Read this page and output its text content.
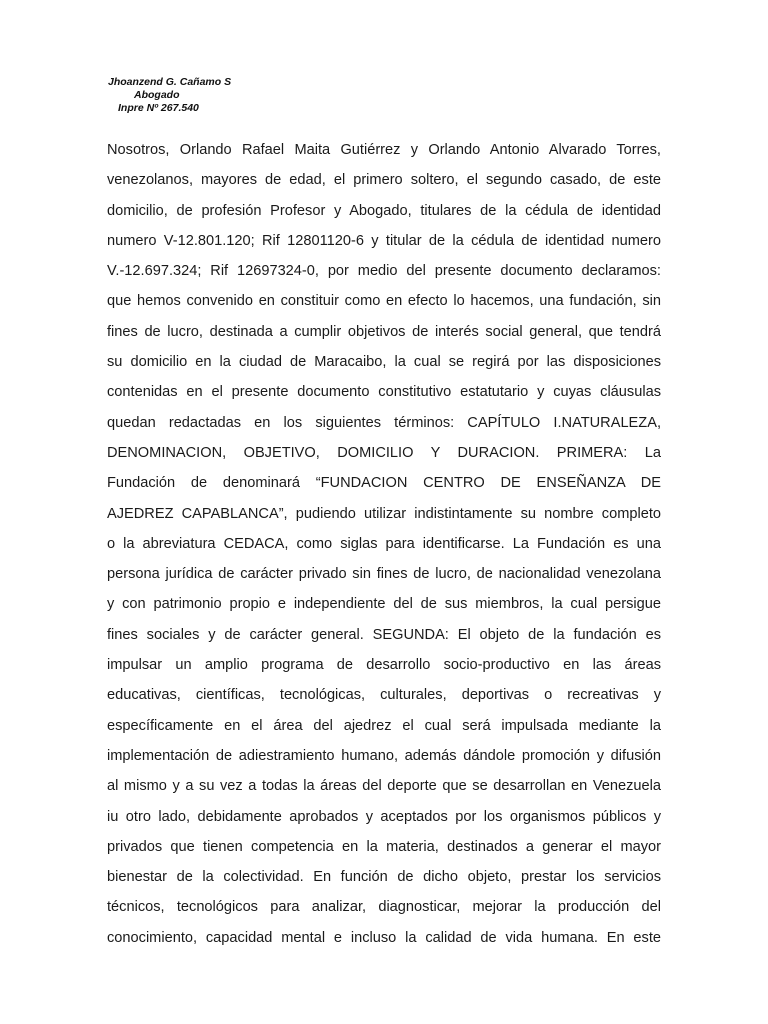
Jhoanzend G. Cañamo S
Abogado
Inpre Nº 267.540
Nosotros, Orlando Rafael Maita Gutiérrez y Orlando Antonio Alvarado Torres,
venezolanos, mayores de edad, el primero soltero, el segundo casado, de este
domicilio, de profesión Profesor y Abogado, titulares de la cédula de identidad
numero V-12.801.120; Rif 12801120-6 y titular de la cédula de identidad numero
V.-12.697.324; Rif 12697324-0, por medio del presente documento declaramos:
que hemos convenido en constituir como en efecto lo hacemos, una fundación, sin
fines de lucro, destinada a cumplir objetivos de interés social general, que tendrá
su domicilio en la ciudad de Maracaibo, la cual se regirá por las disposiciones
contenidas en el presente documento constitutivo estatutario y cuyas cláusulas
quedan redactadas en los siguientes términos: CAPÍTULO I.NATURALEZA,
DENOMINACION, OBJETIVO, DOMICILIO Y DURACION. PRIMERA: La
Fundación de denominará “FUNDACION CENTRO DE ENSEÑANZA DE
AJEDREZ CAPABLANCA”, pudiendo utilizar indistintamente su nombre completo
o la abreviatura CEDACA, como siglas para identificarse. La Fundación es una
persona jurídica de carácter privado sin fines de lucro, de nacionalidad venezolana
y con patrimonio propio e independiente del de sus miembros, la cual persigue
fines sociales y de carácter general. SEGUNDA: El objeto de la fundación es
impulsar un amplio programa de desarrollo socio-productivo en las áreas
educativas, científicas, tecnológicas, culturales, deportivas o recreativas y
específicamente en el área del ajedrez el cual será impulsada mediante la
implementación de adiestramiento humano, además dándole promoción y difusión
al mismo y a su vez a todas la áreas del deporte que se desarrollan en Venezuela
iu otro lado, debidamente aprobados y aceptados por los organismos públicos y
privados que tienen competencia en la materia, destinados a generar el mayor
bienestar de la colectividad. En función de dicho objeto, prestar los servicios
técnicos, tecnológicos para analizar, diagnosticar, mejorar la producción del
conocimiento, capacidad mental e incluso la calidad de vida humana. En este
